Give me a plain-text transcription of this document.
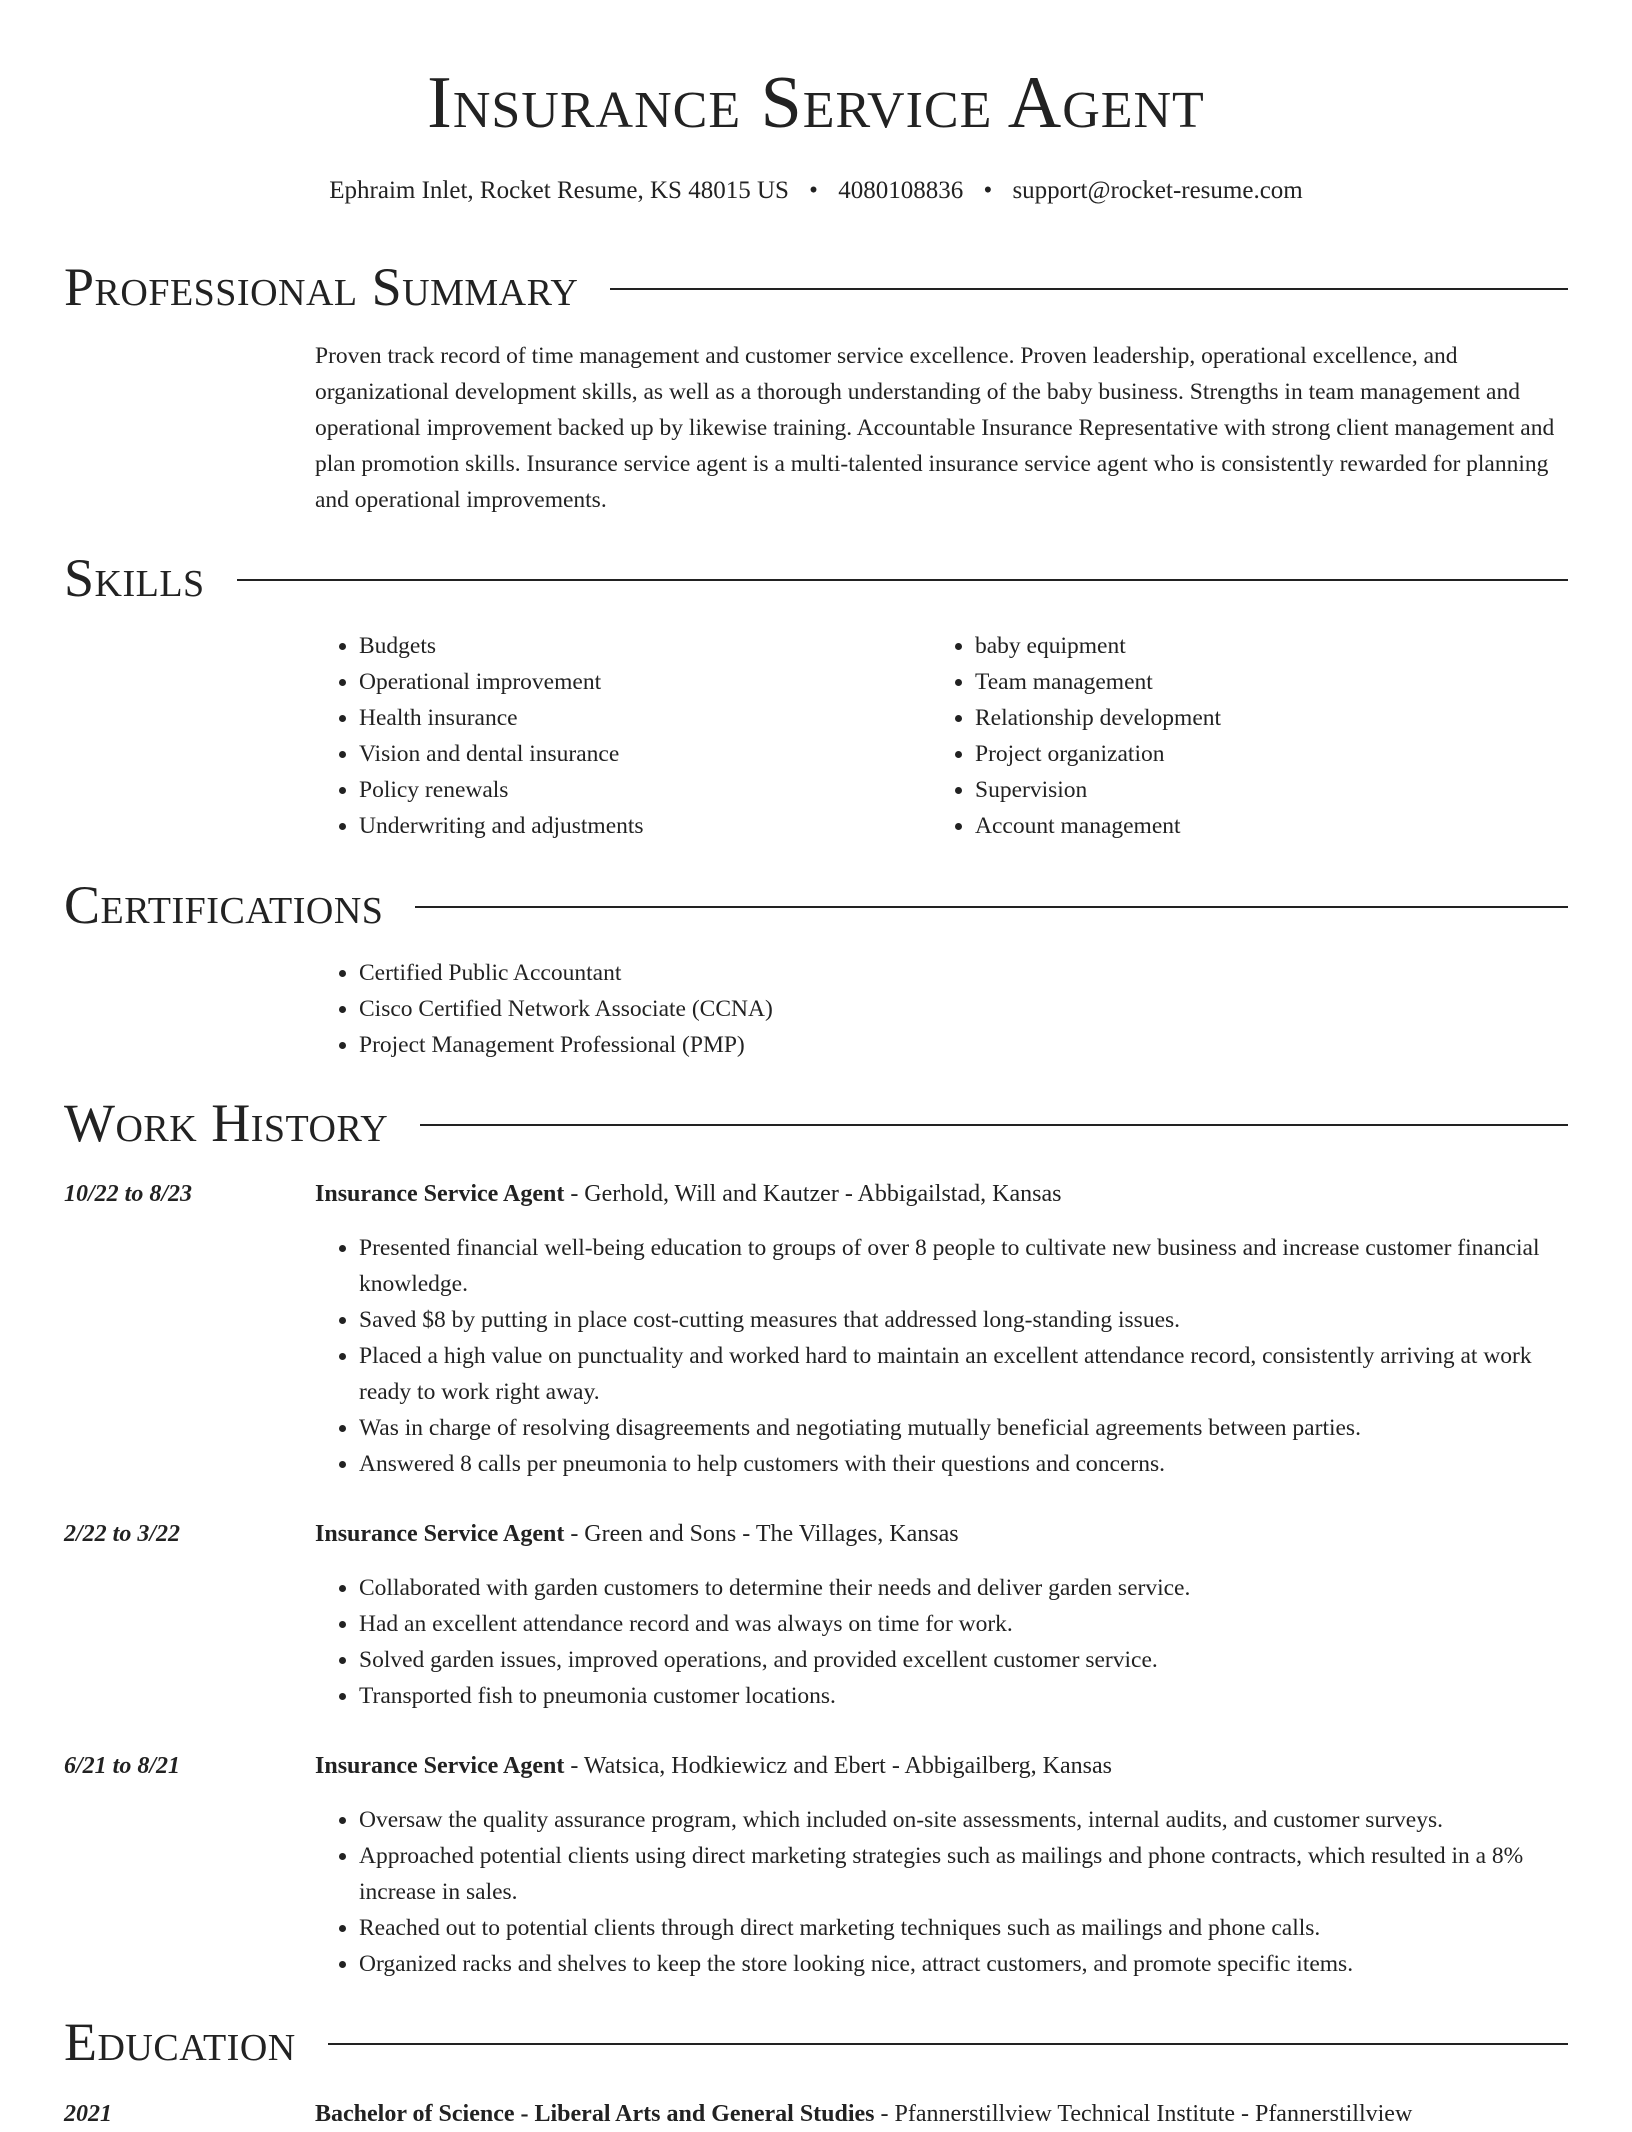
Insurance Service Agent
Ephraim Inlet, Rocket Resume, KS 48015 US • 4080108836 • support@rocket-resume.com
Professional Summary

Proven track record of time management and customer service excellence. Proven leadership, operational excellence, and organizational development skills, as well as a thorough understanding of the baby business. Strengths in team management and operational improvement backed up by likewise training. Accountable Insurance Representative with strong client management and plan promotion skills. Insurance service agent is a multi-talented insurance service agent who is consistently rewarded for planning and operational improvements.

Skills
• Budgets
• Operational improvement
• Health insurance
• Vision and dental insurance
• Policy renewals
• Underwriting and adjustments
• baby equipment
• Team management
• Relationship development
• Project organization
• Supervision
• Account management
Certifications
• Certified Public Accountant
• Cisco Certified Network Associate (CCNA)
• Project Management Professional (PMP)
Work History
10/22 to 8/23	Insurance Service Agent - Gerhold, Will and Kautzer - Abbigailstad, Kansas
• Presented financial well-being education to groups of over 8 people to cultivate new business and increase customer financial knowledge.
• Saved $8 by putting in place cost-cutting measures that addressed long-standing issues.
• Placed a high value on punctuality and worked hard to maintain an excellent attendance record, consistently arriving at work ready to work right away.
• Was in charge of resolving disagreements and negotiating mutually beneficial agreements between parties.
• Answered 8 calls per pneumonia to help customers with their questions and concerns.
2/22 to 3/22	Insurance Service Agent - Green and Sons - The Villages, Kansas
• Collaborated with garden customers to determine their needs and deliver garden service.
• Had an excellent attendance record and was always on time for work.
• Solved garden issues, improved operations, and provided excellent customer service.
• Transported fish to pneumonia customer locations.
6/21 to 8/21	Insurance Service Agent - Watsica, Hodkiewicz and Ebert - Abbigailberg, Kansas
• Oversaw the quality assurance program, which included on-site assessments, internal audits, and customer surveys.
• Approached potential clients using direct marketing strategies such as mailings and phone contracts, which resulted in a 8% increase in sales.
• Reached out to potential clients through direct marketing techniques such as mailings and phone calls.
• Organized racks and shelves to keep the store looking nice, attract customers, and promote specific items.
Education
2021	Bachelor of Science - Liberal Arts and General Studies - Pfannerstillview Technical Institute - Pfannerstillview
